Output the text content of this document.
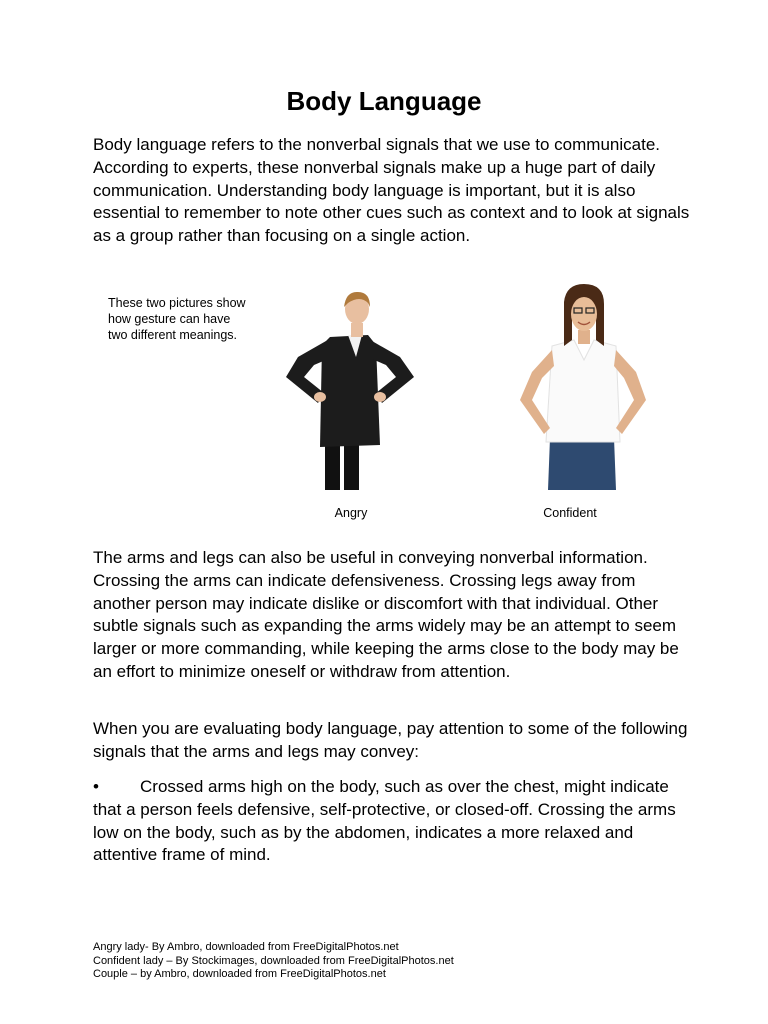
Body Language

Body language refers to the nonverbal signals that we use to communicate. According to experts, these nonverbal signals make up a huge part of daily communication. Understanding body language is important, but it is also essential to remember to note other cues such as context and to look at signals as a group rather than focusing on a single action.

These two pictures show how gesture can have two different meanings.

Angry	Confident

The arms and legs can also be useful in conveying nonverbal information. Crossing the arms can indicate defensiveness. Crossing legs away from another person may indicate dislike or discomfort with that individual. Other subtle signals such as expanding the arms widely may be an attempt to seem larger or more commanding, while keeping the arms close to the body may be an effort to minimize oneself or withdraw from attention.

When you are evaluating body language, pay attention to some of the following signals that the arms and legs may convey:

• Crossed arms high on the body, such as over the chest, might indicate that a person feels defensive, self-protective, or closed-off. Crossing the arms low on the body, such as by the abdomen, indicates a more relaxed and attentive frame of mind.

Angry lady- By Ambro, downloaded from FreeDigitalPhotos.net
Confident lady – By Stockimages, downloaded from FreeDigitalPhotos.net
Couple – by Ambro, downloaded from FreeDigitalPhotos.net
